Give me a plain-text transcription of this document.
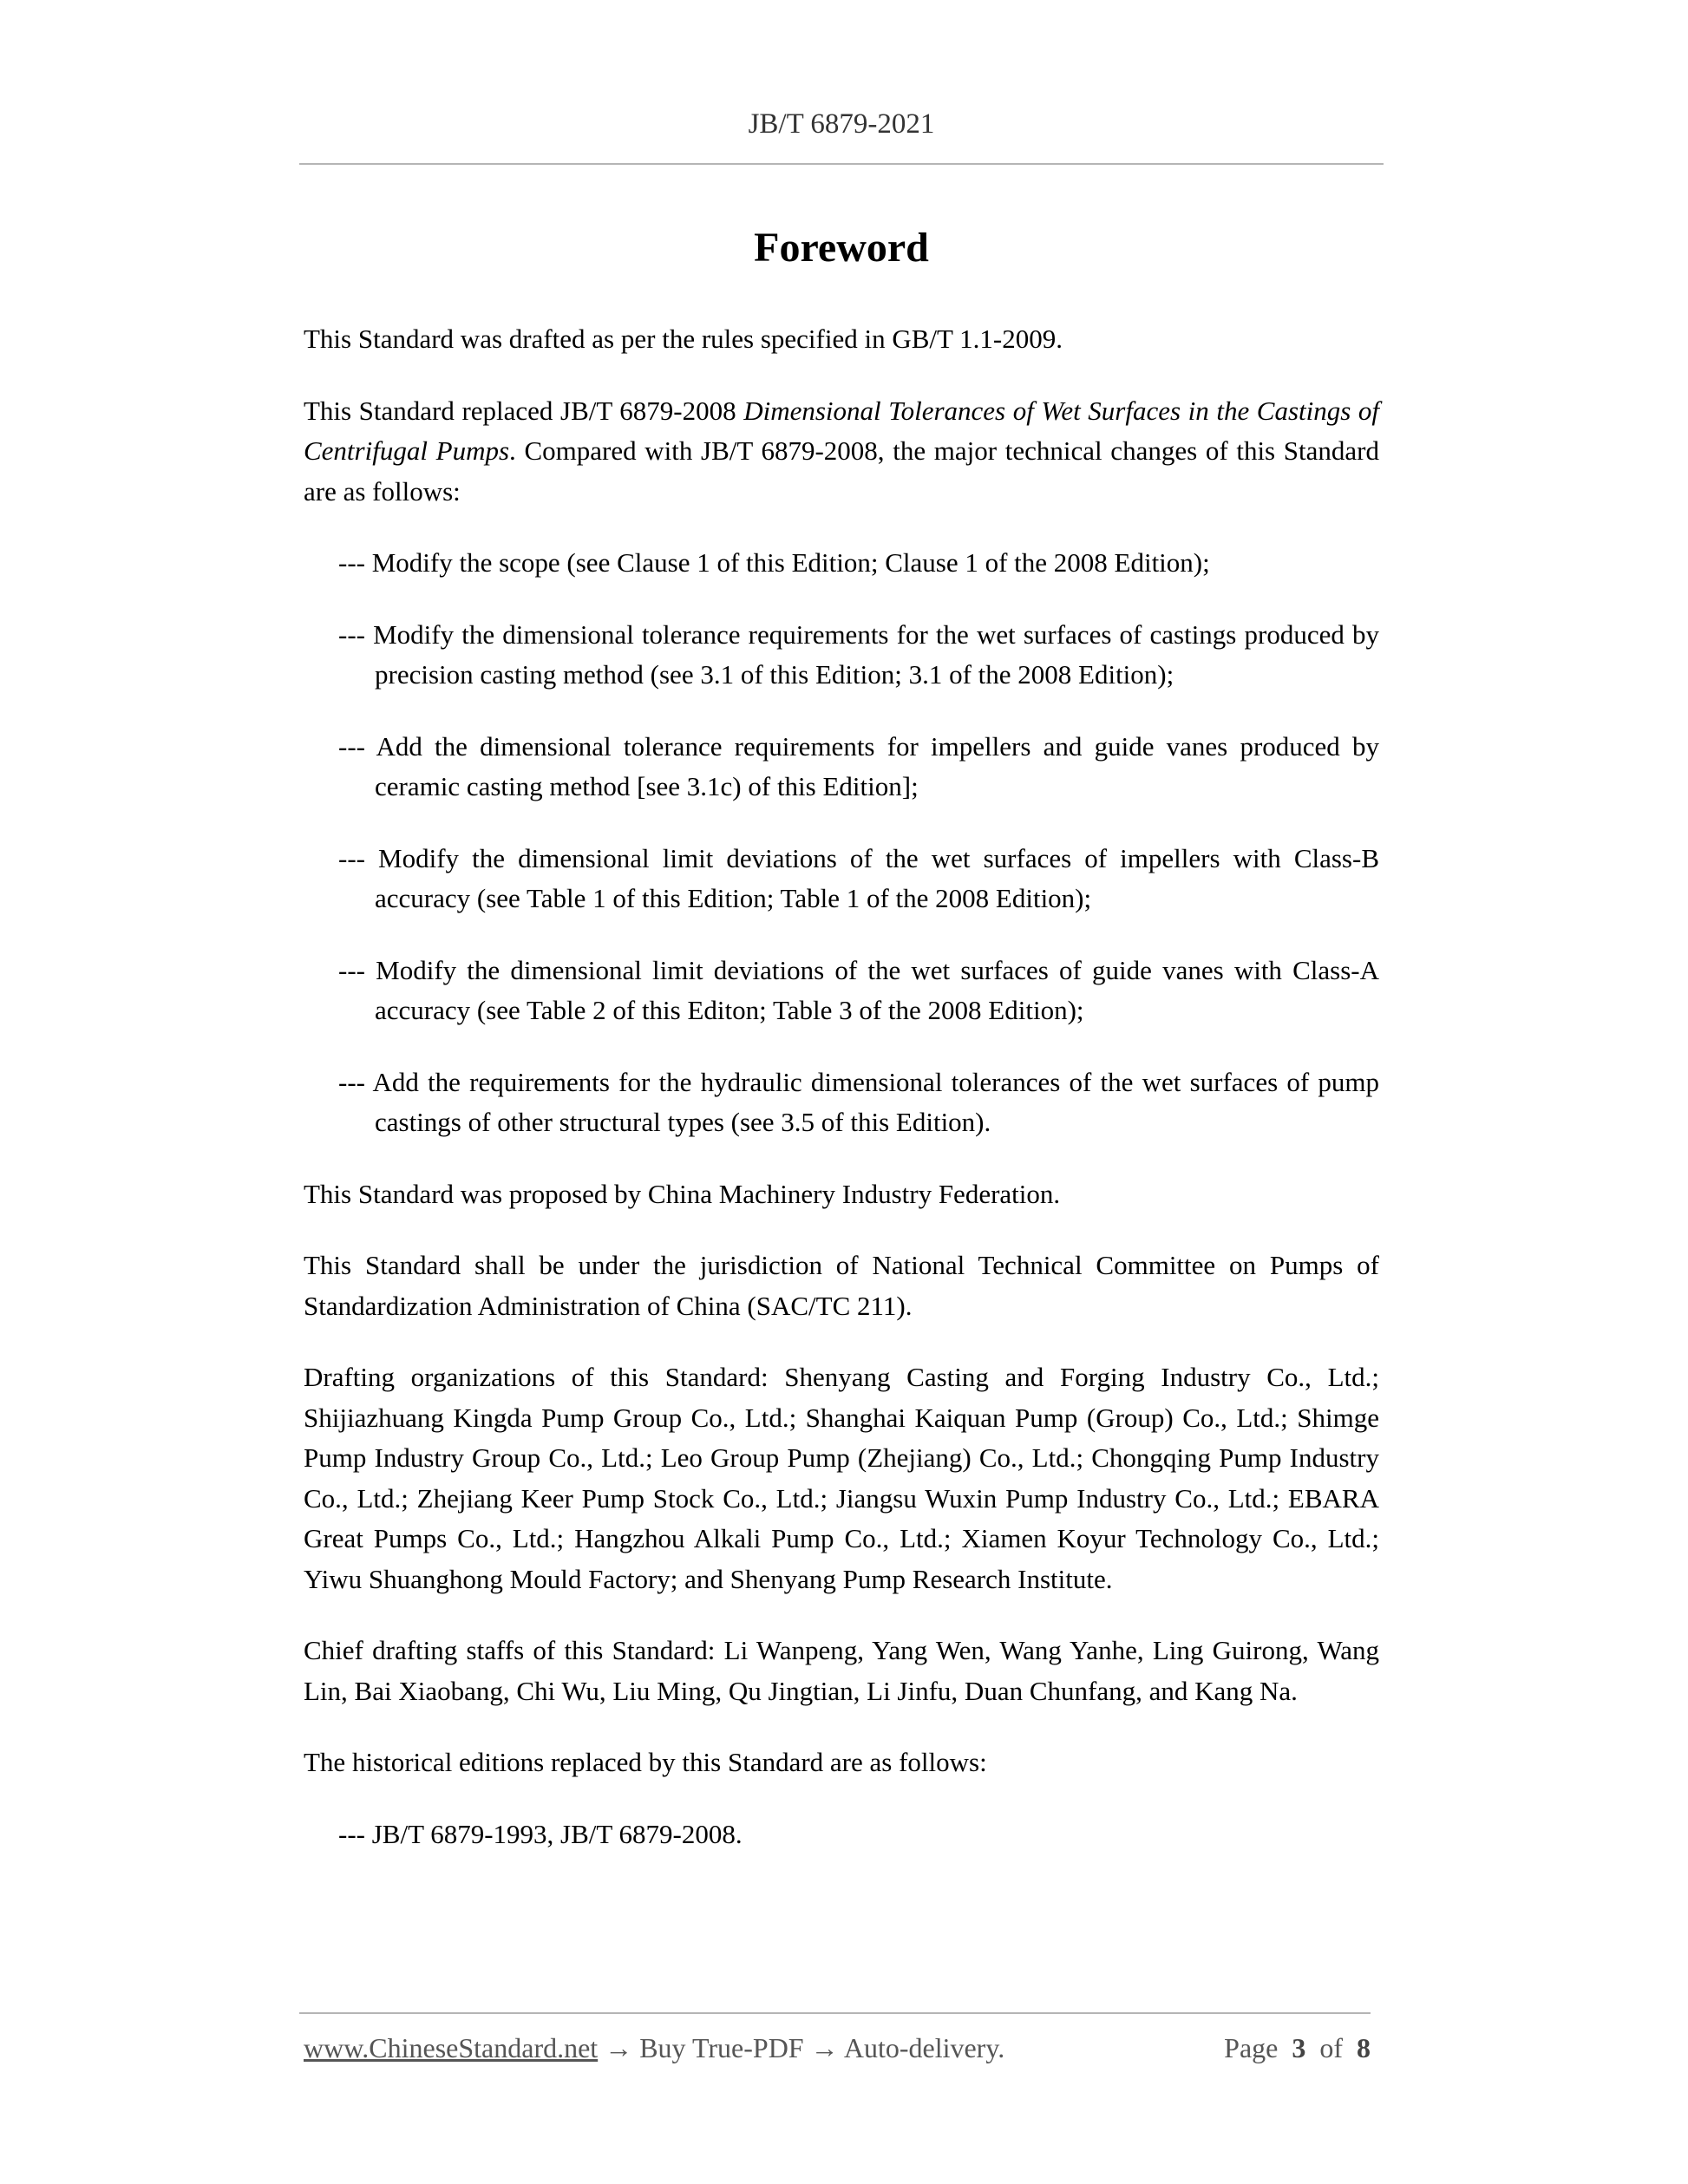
JB/T 6879-2021
Foreword

This Standard was drafted as per the rules specified in GB/T 1.1-2009.

This Standard replaced JB/T 6879-2008 Dimensional Tolerances of Wet Surfaces in the Castings of Centrifugal Pumps. Compared with JB/T 6879-2008, the major technical changes of this Standard are as follows:

--- Modify the scope (see Clause 1 of this Edition; Clause 1 of the 2008 Edition);

--- Modify the dimensional tolerance requirements for the wet surfaces of castings produced by precision casting method (see 3.1 of this Edition; 3.1 of the 2008 Edition);

--- Add the dimensional tolerance requirements for impellers and guide vanes produced by ceramic casting method [see 3.1c) of this Edition];

--- Modify the dimensional limit deviations of the wet surfaces of impellers with Class-B accuracy (see Table 1 of this Edition; Table 1 of the 2008 Edition);

--- Modify the dimensional limit deviations of the wet surfaces of guide vanes with Class-A accuracy (see Table 2 of this Editon; Table 3 of the 2008 Edition);

--- Add the requirements for the hydraulic dimensional tolerances of the wet surfaces of pump castings of other structural types (see 3.5 of this Edition).

This Standard was proposed by China Machinery Industry Federation.

This Standard shall be under the jurisdiction of National Technical Committee on Pumps of Standardization Administration of China (SAC/TC 211).

Drafting organizations of this Standard: Shenyang Casting and Forging Industry Co., Ltd.; Shijiazhuang Kingda Pump Group Co., Ltd.; Shanghai Kaiquan Pump (Group) Co., Ltd.; Shimge Pump Industry Group Co., Ltd.; Leo Group Pump (Zhejiang) Co., Ltd.; Chongqing Pump Industry Co., Ltd.; Zhejiang Keer Pump Stock Co., Ltd.; Jiangsu Wuxin Pump Industry Co., Ltd.; EBARA Great Pumps Co., Ltd.; Hangzhou Alkali Pump Co., Ltd.; Xiamen Koyur Technology Co., Ltd.; Yiwu Shuanghong Mould Factory; and Shenyang Pump Research Institute.

Chief drafting staffs of this Standard: Li Wanpeng, Yang Wen, Wang Yanhe, Ling Guirong, Wang Lin, Bai Xiaobang, Chi Wu, Liu Ming, Qu Jingtian, Li Jinfu, Duan Chunfang, and Kang Na.

The historical editions replaced by this Standard are as follows:

--- JB/T 6879-1993, JB/T 6879-2008.

www.ChineseStandard.net → Buy True-PDF → Auto-delivery.	Page 3 of 8
